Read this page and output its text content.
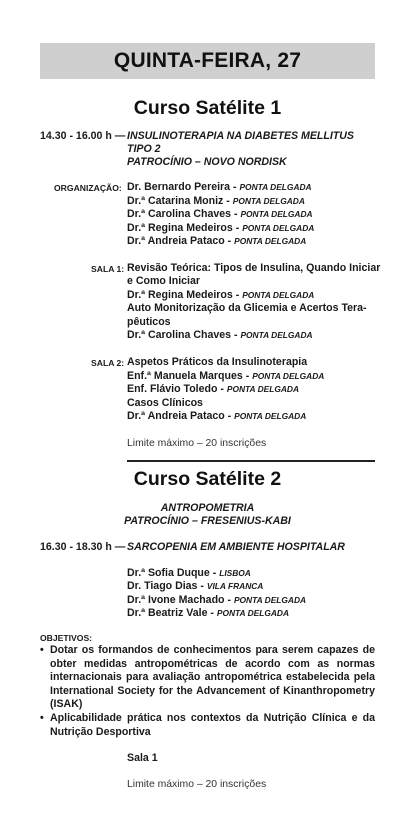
QUINTA-FEIRA, 27
Curso Satélite 1
14.30 - 16.00 h — INSULINOTERAPIA NA DIABETES MELLITUS
TIPO 2
PATROCÍNIO – NOVO NORDISK
ORGANIZAÇÃO: Dr. Bernardo Pereira - PONTA DELGADA
Dr.ª Catarina Moniz - PONTA DELGADA
Dr.ª Carolina Chaves - PONTA DELGADA
Dr.ª Regina Medeiros - PONTA DELGADA
Dr.ª Andreia Pataco - PONTA DELGADA
SALA 1: Revisão Teórica: Tipos de Insulina, Quando Iniciar
e Como Iniciar
Dr.ª Regina Medeiros - PONTA DELGADA
Auto Monitorização da Glicemia e Acertos Tera-
pêuticos
Dr.ª Carolina Chaves - PONTA DELGADA
SALA 2: Aspetos Práticos da Insulinoterapia
Enf.ª Manuela Marques - PONTA DELGADA
Enf. Flávio Toledo - PONTA DELGADA
Casos Clínicos
Dr.ª Andreia Pataco - PONTA DELGADA
Limite máximo – 20 inscrições
Curso Satélite 2
ANTROPOMETRIA
PATROCÍNIO – FRESENIUS-KABI
16.30 - 18.30 h — SARCOPENIA EM AMBIENTE HOSPITALAR
Dr.ª Sofia Duque - LISBOA
Dr. Tiago Dias - VILA FRANCA
Dr.ª Ivone Machado - PONTA DELGADA
Dr.ª Beatriz Vale - PONTA DELGADA
OBJETIVOS:
• Dotar os formandos de conhecimentos para serem capazes de obter medidas antropométricas de acordo com as normas internacionais para avaliação antropométrica estabelecida pela International Society for the Advancement of Kinanthropometry (ISAK)
• Aplicabilidade prática nos contextos da Nutrição Clínica e da Nutrição Desportiva
Sala 1
Limite máximo – 20 inscrições
